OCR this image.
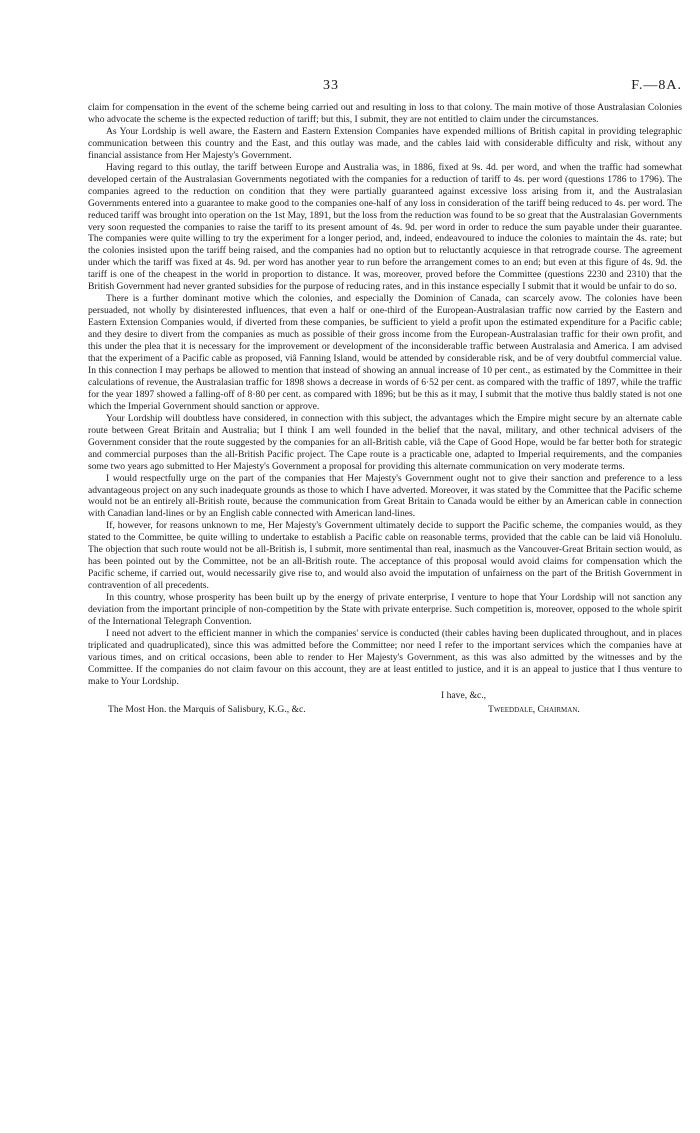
33	F.—8A.

claim for compensation in the event of the scheme being carried out and resulting in loss to that colony. The main motive of those Australasian Colonies who advocate the scheme is the expected reduction of tariff; but this, I submit, they are not entitled to claim under the circumstances.

As Your Lordship is well aware, the Eastern and Eastern Extension Companies have expended millions of British capital in providing telegraphic communication between this country and the East, and this outlay was made, and the cables laid with considerable difficulty and risk, without any financial assistance from Her Majesty's Government.

Having regard to this outlay, the tariff between Europe and Australia was, in 1886, fixed at 9s. 4d. per word, and when the traffic had somewhat developed certain of the Australasian Governments negotiated with the companies for a reduction of tariff to 4s. per word (questions 1786 to 1796). The companies agreed to the reduction on condition that they were partially guaranteed against excessive loss arising from it, and the Australasian Governments entered into a guarantee to make good to the companies one-half of any loss in consideration of the tariff being reduced to 4s. per word. The reduced tariff was brought into operation on the 1st May, 1891, but the loss from the reduction was found to be so great that the Australasian Governments very soon requested the companies to raise the tariff to its present amount of 4s. 9d. per word in order to reduce the sum payable under their guarantee. The companies were quite willing to try the experiment for a longer period, and, indeed, endeavoured to induce the colonies to maintain the 4s. rate; but the colonies insisted upon the tariff being raised, and the companies had no option but to reluctantly acquiesce in that retrograde course. The agreement under which the tariff was fixed at 4s. 9d. per word has another year to run before the arrangement comes to an end; but even at this figure of 4s. 9d. the tariff is one of the cheapest in the world in proportion to distance. It was, moreover, proved before the Committee (questions 2230 and 2310) that the British Government had never granted subsidies for the purpose of reducing rates, and in this instance especially I submit that it would be unfair to do so.

There is a further dominant motive which the colonies, and especially the Dominion of Canada, can scarcely avow. The colonies have been persuaded, not wholly by disinterested influences, that even a half or one-third of the European-Australasian traffic now carried by the Eastern and Eastern Extension Companies would, if diverted from these companies, be sufficient to yield a profit upon the estimated expenditure for a Pacific cable; and they desire to divert from the companies as much as possible of their gross income from the European-Australasian traffic for their own profit, and this under the plea that it is necessary for the improvement or development of the inconsiderable traffic between Australasia and America. I am advised that the experiment of a Pacific cable as proposed, viâ Fanning Island, would be attended by considerable risk, and be of very doubtful commercial value. In this connection I may perhaps be allowed to mention that instead of showing an annual increase of 10 per cent., as estimated by the Committee in their calculations of revenue, the Australasian traffic for 1898 shows a decrease in words of 6·52 per cent. as compared with the traffic of 1897, while the traffic for the year 1897 showed a falling-off of 8·80 per cent. as compared with 1896; but be this as it may, I submit that the motive thus baldly stated is not one which the Imperial Government should sanction or approve.

Your Lordship will doubtless have considered, in connection with this subject, the advantages which the Empire might secure by an alternate cable route between Great Britain and Australia; but I think I am well founded in the belief that the naval, military, and other technical advisers of the Government consider that the route suggested by the companies for an all-British cable, viâ the Cape of Good Hope, would be far better both for strategic and commercial purposes than the all-British Pacific project. The Cape route is a practicable one, adapted to Imperial requirements, and the companies some two years ago submitted to Her Majesty's Government a proposal for providing this alternate communication on very moderate terms.

I would respectfully urge on the part of the companies that Her Majesty's Government ought not to give their sanction and preference to a less advantageous project on any such inadequate grounds as those to which I have adverted. Moreover, it was stated by the Committee that the Pacific scheme would not be an entirely all-British route, because the communication from Great Britain to Canada would be either by an American cable in connection with Canadian land-lines or by an English cable connected with American land-lines.

If, however, for reasons unknown to me, Her Majesty's Government ultimately decide to support the Pacific scheme, the companies would, as they stated to the Committee, be quite willing to undertake to establish a Pacific cable on reasonable terms, provided that the cable can be laid viâ Honolulu. The objection that such route would not be all-British is, I submit, more sentimental than real, inasmuch as the Vancouver-Great Britain section would, as has been pointed out by the Committee, not be an all-British route. The acceptance of this proposal would avoid claims for compensation which the Pacific scheme, if carried out, would necessarily give rise to, and would also avoid the imputation of unfairness on the part of the British Government in contravention of all precedents.

In this country, whose prosperity has been built up by the energy of private enterprise, I venture to hope that Your Lordship will not sanction any deviation from the important principle of non-competition by the State with private enterprise. Such competition is, moreover, opposed to the whole spirit of the International Telegraph Convention.

I need not advert to the efficient manner in which the companies' service is conducted (their cables having been duplicated throughout, and in places triplicated and quadruplicated), since this was admitted before the Committee; nor need I refer to the important services which the companies have at various times, and on critical occasions, been able to render to Her Majesty's Government, as this was also admitted by the witnesses and by the Committee. If the companies do not claim favour on this account, they are at least entitled to justice, and it is an appeal to justice that I thus venture to make to Your Lordship.

I have, &c.,
The Most Hon. the Marquis of Salisbury, K.G., &c.	Tweeddale, Chairman.
